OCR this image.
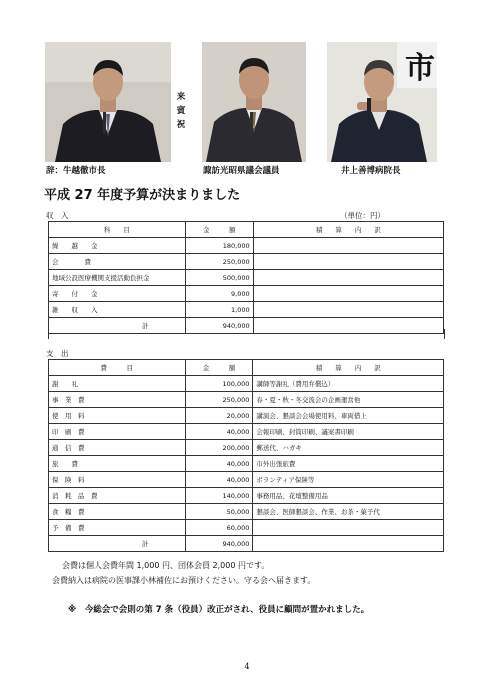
来
賓
祝
市
辞：牛越徹市長	諏訪光昭県議会議員	井上善博病院長
平成 27 年度予算が決まりました
収　入	（単位：円）
科　　目	金　　　額	積　　算　　内　　訳
繰　　越　　金	180,000	
会　　　　費	250,000	
地域公設医療機関支援活動負担金	500,000	
寄　　付　　金	9,000	
雑　　収　　入	1,000	
計	940,000	
支　出
費　　　目	金　　　額	積　　算　　内　　訳
謝　　礼	100,000	講師等謝礼（費用弁償込）
事　業　費	250,000	春・夏・秋・冬交流会の企画運営他
使　用　料	20,000	講演会、懇談会会場使用料、車両借上
印　刷　費	40,000	会報印刷、封筒印刷、議案書印刷
通　信　費	200,000	郵送代、ハガキ
旅　　費	40,000	市外出張旅費
保　険　料	40,000	ボランティア保険等
消　耗　品　費	140,000	事務用品、花壇整備用品
食　糧　費	50,000	懇談会、医師懇談会、作業、お茶・菓子代
予　備　費	60,000	
計	940,000	
会費は個人会費年間 1,000 円、団体会員 2,000 円です。
会費納入は病院の医事課小林補佐にお預けください。守る会へ届きます。
※　今総会で会則の第 7 条（役員）改正がされ、役員に顧問が置かれました。
4
